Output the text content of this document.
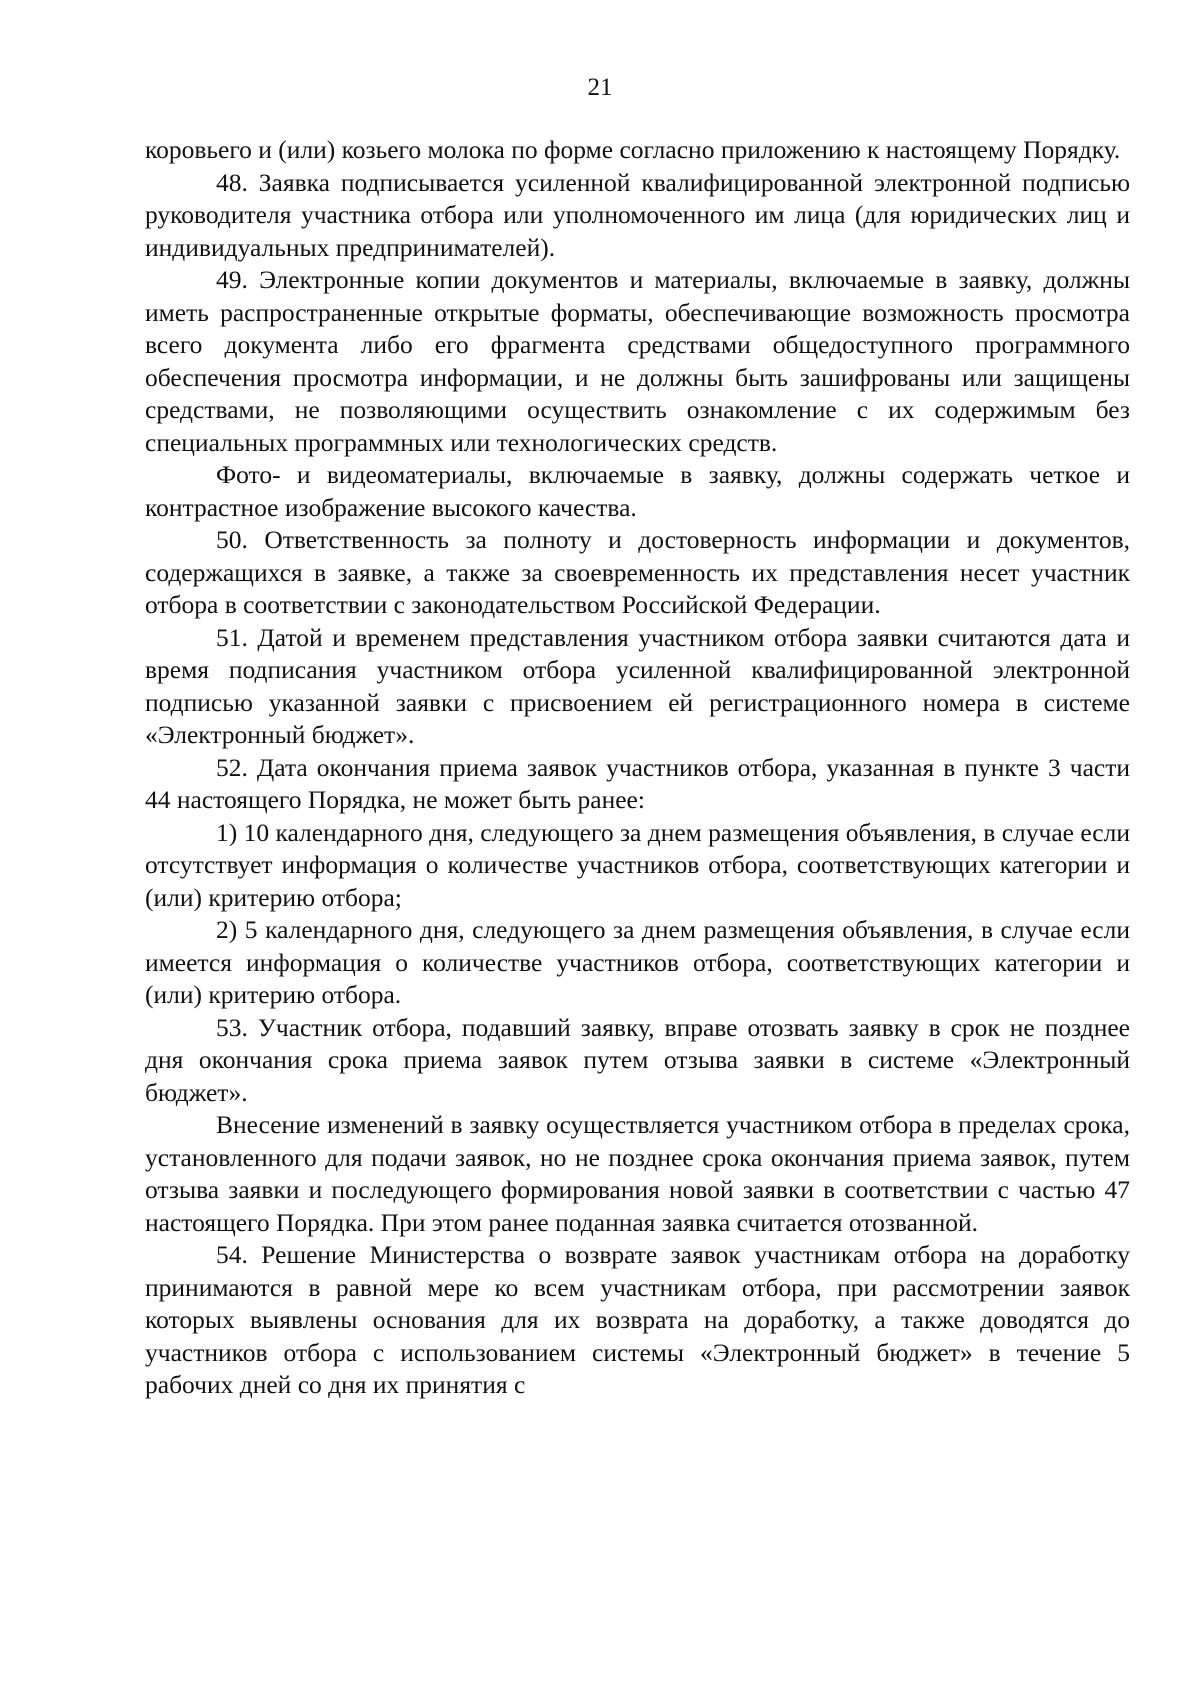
21

коровьего и (или) козьего молока по форме согласно приложению к настоящему Порядку.

48. Заявка подписывается усиленной квалифицированной электронной подписью руководителя участника отбора или уполномоченного им лица (для юридических лиц и индивидуальных предпринимателей).

49. Электронные копии документов и материалы, включаемые в заявку, должны иметь распространенные открытые форматы, обеспечивающие возможность просмотра всего документа либо его фрагмента средствами общедоступного программного обеспечения просмотра информации, и не должны быть зашифрованы или защищены средствами, не позволяющими осуществить ознакомление с их содержимым без специальных программных или технологических средств.

Фото- и видеоматериалы, включаемые в заявку, должны содержать четкое и контрастное изображение высокого качества.

50. Ответственность за полноту и достоверность информации и документов, содержащихся в заявке, а также за своевременность их представления несет участник отбора в соответствии с законодательством Российской Федерации.

51. Датой и временем представления участником отбора заявки считаются дата и время подписания участником отбора усиленной квалифицированной электронной подписью указанной заявки с присвоением ей регистрационного номера в системе «Электронный бюджет».

52. Дата окончания приема заявок участников отбора, указанная в пункте 3 части 44 настоящего Порядка, не может быть ранее:

1) 10 календарного дня, следующего за днем размещения объявления, в случае если отсутствует информация о количестве участников отбора, соответствующих категории и (или) критерию отбора;

2) 5 календарного дня, следующего за днем размещения объявления, в случае если имеется информация о количестве участников отбора, соответствующих категории и (или) критерию отбора.

53. Участник отбора, подавший заявку, вправе отозвать заявку в срок не позднее дня окончания срока приема заявок путем отзыва заявки в системе «Электронный бюджет».

Внесение изменений в заявку осуществляется участником отбора в пределах срока, установленного для подачи заявок, но не позднее срока окончания приема заявок, путем отзыва заявки и последующего формирования новой заявки в соответствии с частью 47 настоящего Порядка. При этом ранее поданная заявка считается отозванной.

54. Решение Министерства о возврате заявок участникам отбора на доработку принимаются в равной мере ко всем участникам отбора, при рассмотрении заявок которых выявлены основания для их возврата на доработку, а также доводятся до участников отбора с использованием системы «Электронный бюджет» в течение 5 рабочих дней со дня их принятия с
